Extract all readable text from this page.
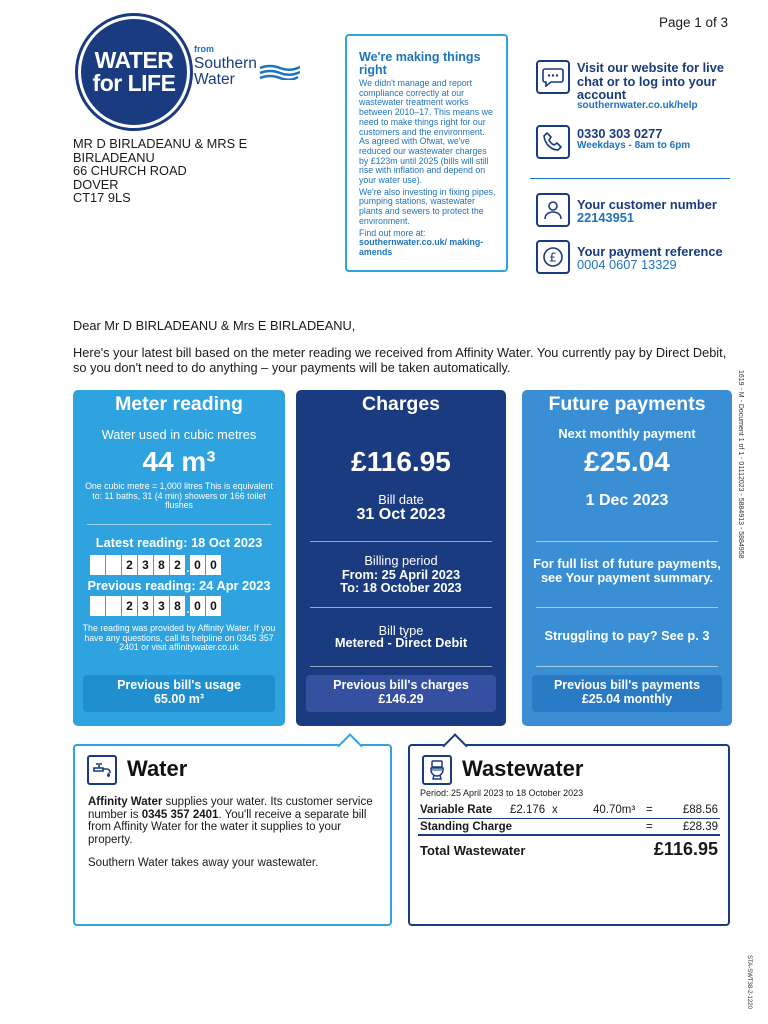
Page 1 of 3
WATER
for LIFE
from
Southern
Water
MR D BIRLADEANU & MRS E
BIRLADEANU
66 CHURCH ROAD
DOVER
CT17 9LS
We're making things right
We didn't manage and report compliance correctly at our wastewater treatment works between 2010–17. This means we need to make things right for our customers and the environment. As agreed with Ofwat, we've reduced our wastewater charges by £123m until 2025 (bills will still rise with inflation and depend on your water use).
We're also investing in fixing pipes, pumping stations, wastewater plants and sewers to protect the environment.
Find out more at:
southernwater.co.uk/ making-amends
Visit our website for live chat or to log into your account
southernwater.co.uk/help
0330 303 0277
Weekdays - 8am to 6pm
Your customer number
22143951
£ Your payment reference
0004 0607 13329
Dear Mr D BIRLADEANU & Mrs E BIRLADEANU,
Here's your latest bill based on the meter reading we received from Affinity Water. You currently pay by Direct Debit, so you don't need to do anything – your payments will be taken automatically.
1619 - M - Document 1 of 1 - 01112023 - 5884913 - 5884958
STA-SWT38-2-1220
Meter reading
Water used in cubic metres
44 m³
One cubic metre = 1,000 litres This is equivalent to: 11 baths, 31 (4 min) showers or 166 toilet flushes
Latest reading: 18 Oct 2023
2 3 8 2 . 0 0
Previous reading: 24 Apr 2023
2 3 3 8 . 0 0
The reading was provided by Affinity Water. If you have any questions, call its helpline on 0345 357 2401 or visit affinitywater.co.uk
Previous bill's usage
65.00 m³
Charges
£116.95
Bill date
31 Oct 2023
Billing period
From: 25 April 2023
To: 18 October 2023
Bill type
Metered - Direct Debit
Previous bill's charges
£146.29
Future payments
Next monthly payment
£25.04
1 Dec 2023
For full list of future payments, see Your payment summary.
Struggling to pay? See p. 3
Previous bill's payments
£25.04 monthly
Water
Affinity Water supplies your water. Its customer service number is 0345 357 2401. You'll receive a separate bill from Affinity Water for the water it supplies to your property.
Southern Water takes away your wastewater.
Wastewater
Period: 25 April 2023 to 18 October 2023
Variable Rate £2.176 x	40.70m³ =	£88.56
Standing Charge	=	£28.39
Total Wastewater	£116.95
